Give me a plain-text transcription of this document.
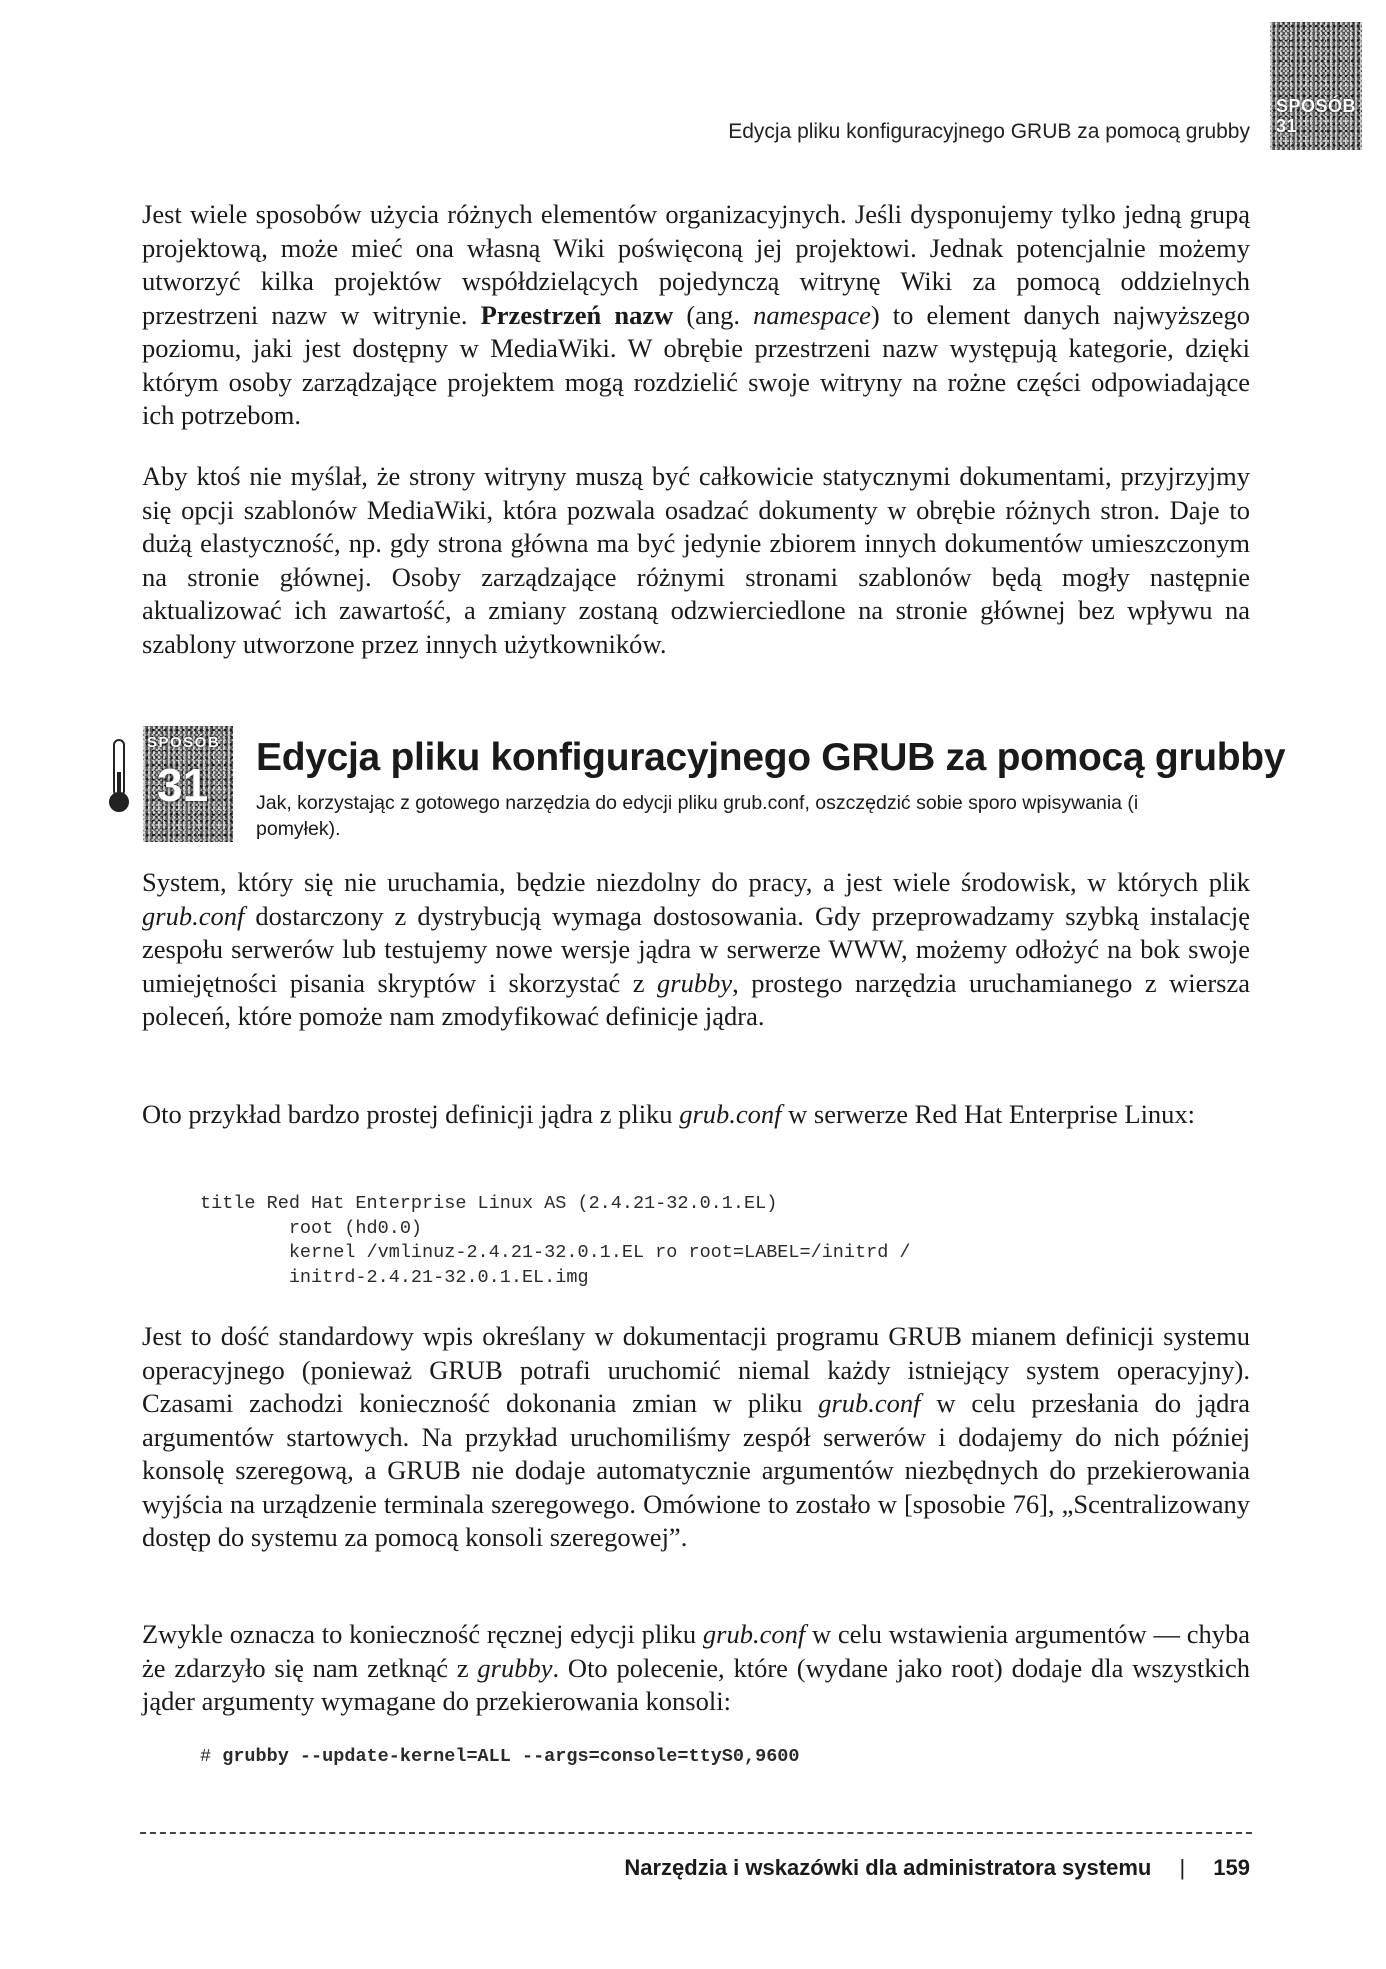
Edycja pliku konfiguracyjnego GRUB za pomocą grubby
SPOSÓB
31

Jest wiele sposobów użycia różnych elementów organizacyjnych. Jeśli dysponujemy tylko jedną grupą projektową, może mieć ona własną Wiki poświęconą jej projektowi. Jednak potencjalnie możemy utworzyć kilka projektów współdzielących pojedynczą witrynę Wiki za pomocą oddzielnych przestrzeni nazw w witrynie. Przestrzeń nazw (ang. namespace) to element danych najwyższego poziomu, jaki jest dostępny w MediaWiki. W obrębie przestrzeni nazw występują kategorie, dzięki którym osoby zarządzające projektem mogą rozdzielić swoje witryny na rożne części odpowiadające ich potrzebom.

Aby ktoś nie myślał, że strony witryny muszą być całkowicie statycznymi dokumentami, przyjrzyjmy się opcji szablonów MediaWiki, która pozwala osadzać dokumenty w obrębie różnych stron. Daje to dużą elastyczność, np. gdy strona główna ma być jedynie zbiorem innych dokumentów umieszczonym na stronie głównej. Osoby zarządzające różnymi stronami szablonów będą mogły następnie aktualizować ich zawartość, a zmiany zostaną odzwierciedlone na stronie głównej bez wpływu na szablony utworzone przez innych użytkowników.

SPOSÓB
31
Edycja pliku konfiguracyjnego GRUB za pomocą grubby

Jak, korzystając z gotowego narzędzia do edycji pliku grub.conf, oszczędzić sobie sporo wpisywania (i pomyłek).

System, który się nie uruchamia, będzie niezdolny do pracy, a jest wiele środowisk, w których plik grub.conf dostarczony z dystrybucją wymaga dostosowania. Gdy przeprowadzamy szybką instalację zespołu serwerów lub testujemy nowe wersje jądra w serwerze WWW, możemy odłożyć na bok swoje umiejętności pisania skryptów i skorzystać z grubby, prostego narzędzia uruchamianego z wiersza poleceń, które pomoże nam zmodyfikować definicje jądra.

Oto przykład bardzo prostej definicji jądra z pliku grub.conf w serwerze Red Hat Enterprise Linux:

title Red Hat Enterprise Linux AS (2.4.21-32.0.1.EL)
root (hd0.0)
kernel /vmlinuz-2.4.21-32.0.1.EL ro root=LABEL=/initrd /
initrd-2.4.21-32.0.1.EL.img

Jest to dość standardowy wpis określany w dokumentacji programu GRUB mianem definicji systemu operacyjnego (ponieważ GRUB potrafi uruchomić niemal każdy istniejący system operacyjny). Czasami zachodzi konieczność dokonania zmian w pliku grub.conf w celu przesłania do jądra argumentów startowych. Na przykład uruchomiliśmy zespół serwerów i dodajemy do nich później konsolę szeregową, a GRUB nie dodaje automatycznie argumentów niezbędnych do przekierowania wyjścia na urządzenie terminala szeregowego. Omówione to zostało w [sposobie 76], „Scentralizowany dostęp do systemu za pomocą konsoli szeregowej”.

Zwykle oznacza to konieczność ręcznej edycji pliku grub.conf w celu wstawienia argumentów — chyba że zdarzyło się nam zetknąć z grubby. Oto polecenie, które (wydane jako root) dodaje dla wszystkich jąder argumenty wymagane do przekierowania konsoli:

# grubby --update-kernel=ALL --args=console=ttyS0,9600
Narzędzia i wskazówki dla administratora systemu | 159
